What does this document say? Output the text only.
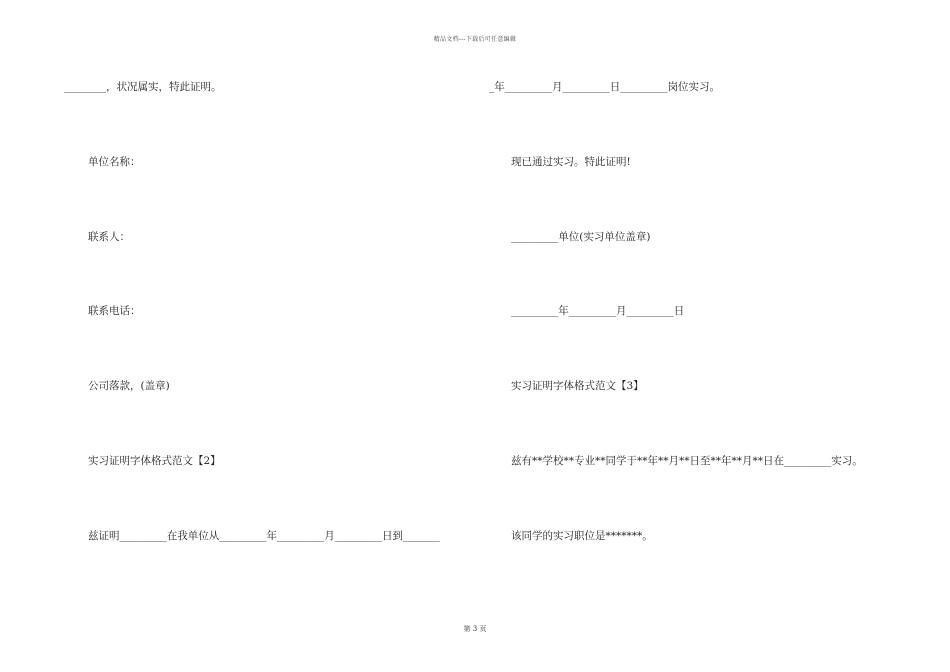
精品文档---下载后可任意编辑
________，状况属实，特此证明。
单位名称：
联系人：
联系电话：
公司落款，(盖章)
实习证明字体格式范文【2】
兹证明_________在我单位从_________年_________月_________日到_______
_年_________月_________日_________岗位实习。
现已通过实习。特此证明!
_________单位(实习单位盖章)
_________年_________月_________日
实习证明字体格式范文【3】
兹有**学校**专业**同学于**年**月**日至**年**月**日在_________实习。
该同学的实习职位是*******。
第 3 页
